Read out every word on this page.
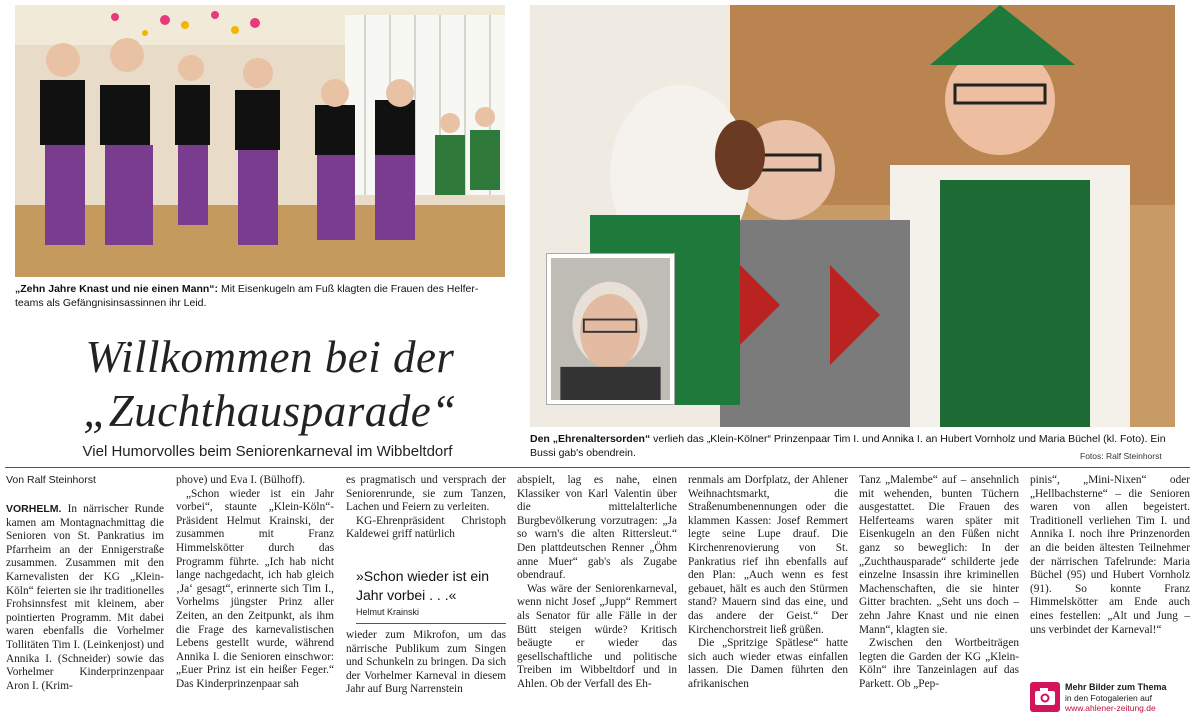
„Zehn Jahre Knast und nie einen Mann“: Mit Eisenkugeln am Fuß klagten die Frauen des Helfer-teams als Gefängnisinsassinnen ihr Leid.
Den „Ehrenaltersorden“ verlieh das „Klein-Kölner“ Prinzenpaar Tim I. und Annika I. an Hubert Vornholz und Maria Büchel (kl. Foto). Ein Bussi gab's obendrein.	Fotos: Ralf Steinhorst
Willkommen bei der
„Zuchthausparade“
Viel Humorvolles beim Seniorenkarneval im Wibbeltdorf
Von Ralf Steinhorst

VORHELM. In närrischer Runde kamen am Montagnachmittag die Senioren von St. Pankratius im Pfarrheim an der Ennigerstraße zusammen. Zusammen mit den Karnevalisten der KG „Klein-Köln“ feierten sie ihr traditionelles Frohsinnsfest mit kleinem, aber pointierten Programm. Mit dabei waren ebenfalls die Vorhelmer Tollitäten Tim I. (Leinkenjost) und Annika I. (Schneider) sowie das Vorhelmer Kinderprinzenpaar Aron I. (Krim-

phove) und Eva I. (Bülhoff).

„Schon wieder ist ein Jahr vorbei“, staunte „Klein-Köln“-Präsident Helmut Krainski, der zusammen mit Franz Himmelskötter durch das Programm führte. „Ich hab nicht lange nachgedacht, ich hab gleich ‚Ja‘ gesagt“, erinnerte sich Tim I., Vorhelms jüngster Prinz aller Zeiten, an den Zeitpunkt, als ihm die Frage des karnevalistischen Lebens gestellt wurde, während Annika I. die Senioren einschwor: „Euer Prinz ist ein heißer Feger.“ Das Kinderprinzenpaar sah

es pragmatisch und versprach der Seniorenrunde, sie zum Tanzen, Lachen und Feiern zu verleiten.

KG-Ehrenpräsident Christoph Kaldewei griff natürlich

»Schon wieder ist ein Jahr vorbei . . .«
Helmut Krainski

wieder zum Mikrofon, um das närrische Publikum zum Singen und Schunkeln zu bringen. Da sich der Vorhelmer Karneval in diesem Jahr auf Burg Narrenstein

abspielt, lag es nahe, einen Klassiker von Karl Valentin über die mittelalterliche Burgbevölkerung vorzutragen: „Ja so warn's die alten Rittersleut.“ Den plattdeutschen Renner „Öhm anne Muer“ gab's als Zugabe obendrauf.

Was wäre der Seniorenkarneval, wenn nicht Josef „Jupp“ Remmert als Senator für alle Fälle in der Bütt steigen würde? Kritisch beäugte er wieder das gesellschaftliche und politische Treiben im Wibbeltdorf und in Ahlen. Ob der Verfall des Eh-

renmals am Dorfplatz, der Ahlener Weihnachtsmarkt, die Straßenumbenennungen oder die klammen Kassen: Josef Remmert legte seine Lupe drauf. Die Kirchenrenovierung von St. Pankratius rief ihn ebenfalls auf den Plan: „Auch wenn es fest gebauet, hält es auch den Stürmen stand? Mauern sind das eine, und das andere der Geist.“ Der Kirchenchorstreit ließ grüßen.

Die „Spritzige Spätlese“ hatte sich auch wieder etwas einfallen lassen. Die Damen führten den afrikanischen

Tanz „Malembe“ auf – ansehnlich mit wehenden, bunten Tüchern ausgestattet. Die Frauen des Helferteams waren später mit Eisenkugeln an den Füßen nicht ganz so beweglich: In der „Zuchthausparade“ schilderte jede einzelne Insassin ihre kriminellen Machenschaften, die sie hinter Gitter brachten. „Seht uns doch – zehn Jahre Knast und nie einen Mann“, klagten sie.

Zwischen den Wortbeiträgen legten die Garden der KG „Klein-Köln“ ihre Tanzeinlagen auf das Parkett. Ob „Pep-

pinis“, „Mini-Nixen“ oder „Hellbachsterne“ – die Senioren waren von allen begeistert. Traditionell verliehen Tim I. und Annika I. noch ihre Prinzenorden an die beiden ältesten Teilnehmer der närrischen Tafelrunde: Maria Büchel (95) und Hubert Vornholz (91). So konnte Franz Himmelskötter am Ende auch eines festellen: „Alt und Jung – uns verbindet der Karneval!“

Mehr Bilder zum Thema
in den Fotogalerien auf
www.ahlener-zeitung.de
